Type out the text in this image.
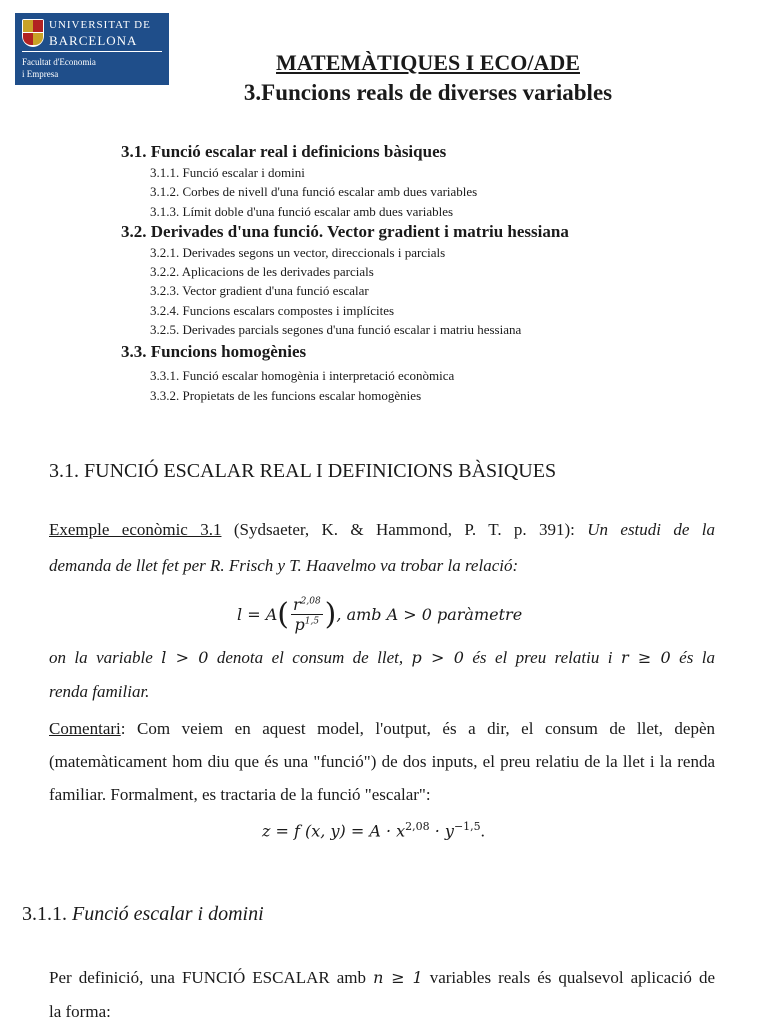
UNIVERSITAT DE
BARCELONA
Facultat d'Economia
i Empresa	MATEMÀTIQUES I ECO/ADE
3.Funcions reals de diverses variables
3.1. Funció escalar real i definicions bàsiques
3.1.1. Funció escalar i domini
3.1.2. Corbes de nivell d'una funció escalar amb dues variables
3.1.3. Límit doble d'una funció escalar amb dues variables
3.2. Derivades d'una funció. Vector gradient i matriu hessiana
3.2.1. Derivades segons un vector, direccionals i parcials
3.2.2. Aplicacions de les derivades parcials
3.2.3. Vector gradient d'una funció escalar
3.2.4. Funcions escalars compostes i implícites
3.2.5. Derivades parcials segones d'una funció escalar i matriu hessiana
3.3. Funcions homogènies
3.3.1. Funció escalar homogènia i interpretació econòmica
3.3.2. Propietats de les funcions escalar homogènies
3.1. FUNCIÓ ESCALAR REAL I DEFINICIONS BÀSIQUES
Exemple econòmic 3.1 (Sydsaeter, K. & Hammond, P. T. p. 391): Un estudi de la
demanda de llet fet per R. Frisch y T. Haavelmo va trobar la relació:
l = A ( $\frac{r^{2,08}}{p^{1,5}}$ ) , amb A > 0 paràmetre
on la variable l > 0 denota el consum de llet, p > 0 és el preu relatiu i r ≥ 0 és la
renda familiar.
Comentari: Com veiem en aquest model, l'output, és a dir, el consum de llet, depèn (matemàticament hom diu que és una "funció") de dos inputs, el preu relatiu de la llet i la renda familiar. Formalment, es tractaria de la funció "escalar":
z = f (x, $y) = A \cdot x^{2,08} \cdot y^{-1,5}$.
3.1.1. Funció escalar i domini
Per definició, una FUNCIÓ ESCALAR amb n ≥ 1 variables reals és qualsevol aplicació de
la forma:
